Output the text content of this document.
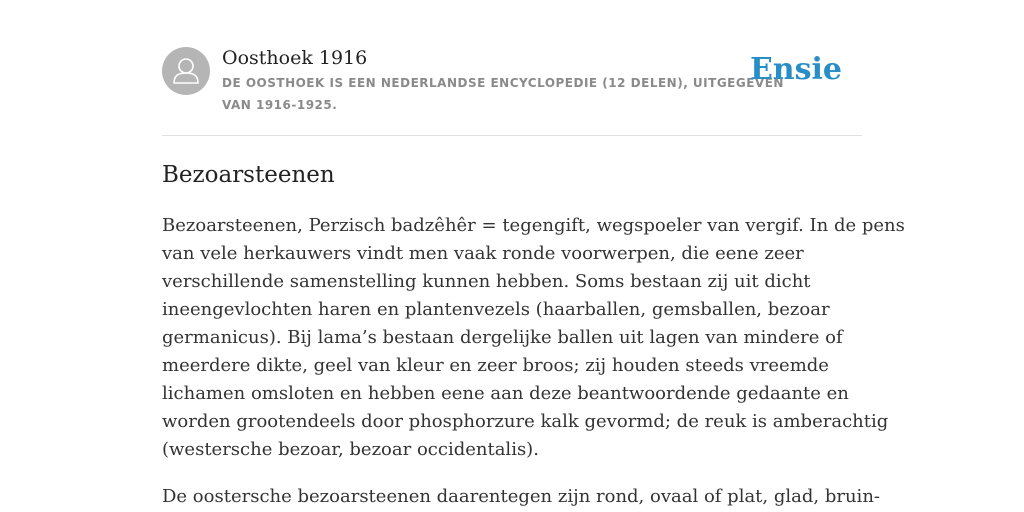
Oosthoek 1916
DE OOSTHOEK IS EEN NEDERLANDSE ENCYCLOPEDIE (12 DELEN), UITGEGEVEN
VAN 1916-1925.
Ensie
Bezoarsteenen

Bezoarsteenen, Perzisch badzêhêr = tegengift, wegspoeler van vergif. In de pens
van vele herkauwers vindt men vaak ronde voorwerpen, die eene zeer
verschillende samenstelling kunnen hebben. Soms bestaan zij uit dicht
ineengevlochten haren en plantenvezels (haarballen, gemsballen, bezoar
germanicus). Bij lama’s bestaan dergelijke ballen uit lagen van mindere of
meerdere dikte, geel van kleur en zeer broos; zij houden steeds vreemde
lichamen omsloten en hebben eene aan deze beantwoordende gedaante en
worden grootendeels door phosphorzure kalk gevormd; de reuk is amberachtig
(westersche bezoar, bezoar occidentalis).

De oostersche bezoarsteenen daarentegen zijn rond, ovaal of plat, glad, bruin-
